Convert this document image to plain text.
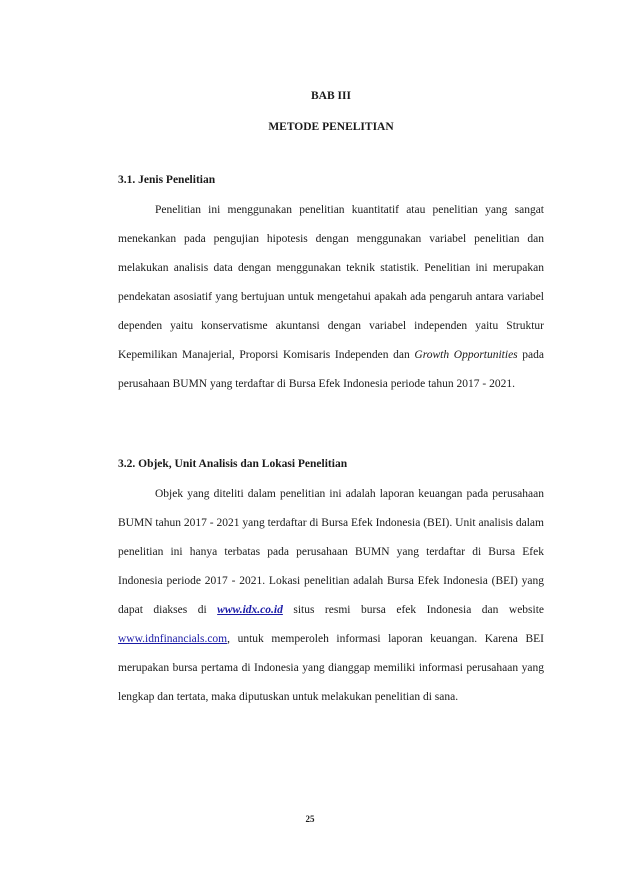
BAB III
METODE PENELITIAN
3.1. Jenis Penelitian

Penelitian ini menggunakan penelitian kuantitatif atau penelitian yang sangat menekankan pada pengujian hipotesis dengan menggunakan variabel penelitian dan melakukan analisis data dengan menggunakan teknik statistik. Penelitian ini merupakan pendekatan asosiatif yang bertujuan untuk mengetahui apakah ada pengaruh antara variabel dependen yaitu konservatisme akuntansi dengan variabel independen yaitu Struktur Kepemilikan Manajerial, Proporsi Komisaris Independen dan Growth Opportunities pada perusahaan BUMN yang terdaftar di Bursa Efek Indonesia periode tahun 2017 - 2021.

3.2. Objek, Unit Analisis dan Lokasi Penelitian

Objek yang diteliti dalam penelitian ini adalah laporan keuangan pada perusahaan BUMN tahun 2017 - 2021 yang terdaftar di Bursa Efek Indonesia (BEI). Unit analisis dalam penelitian ini hanya terbatas pada perusahaan BUMN yang terdaftar di Bursa Efek Indonesia periode 2017 - 2021. Lokasi penelitian adalah Bursa Efek Indonesia (BEI) yang dapat diakses di www.idx.co.id situs resmi bursa efek Indonesia dan website www.idnfinancials.com, untuk memperoleh informasi laporan keuangan. Karena BEI merupakan bursa pertama di Indonesia yang dianggap memiliki informasi perusahaan yang lengkap dan tertata, maka diputuskan untuk melakukan penelitian di sana.

25
